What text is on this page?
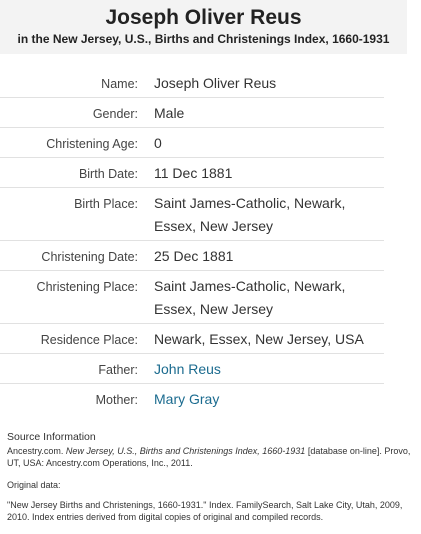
Joseph Oliver Reus
in the New Jersey, U.S., Births and Christenings Index, 1660-1931
Name: Joseph Oliver Reus
Gender: Male
Christening Age: 0
Birth Date: 11 Dec 1881
Birth Place: Saint James-Catholic, Newark, Essex, New Jersey
Christening Date: 25 Dec 1881
Christening Place: Saint James-Catholic, Newark, Essex, New Jersey
Residence Place: Newark, Essex, New Jersey, USA
Father: John Reus
Mother: Mary Gray
Source Information

Ancestry.com. New Jersey, U.S., Births and Christenings Index, 1660-1931 [database on-line]. Provo, UT, USA: Ancestry.com Operations, Inc., 2011.

Original data:

"New Jersey Births and Christenings, 1660-1931." Index. FamilySearch, Salt Lake City, Utah, 2009, 2010. Index entries derived from digital copies of original and compiled records.
